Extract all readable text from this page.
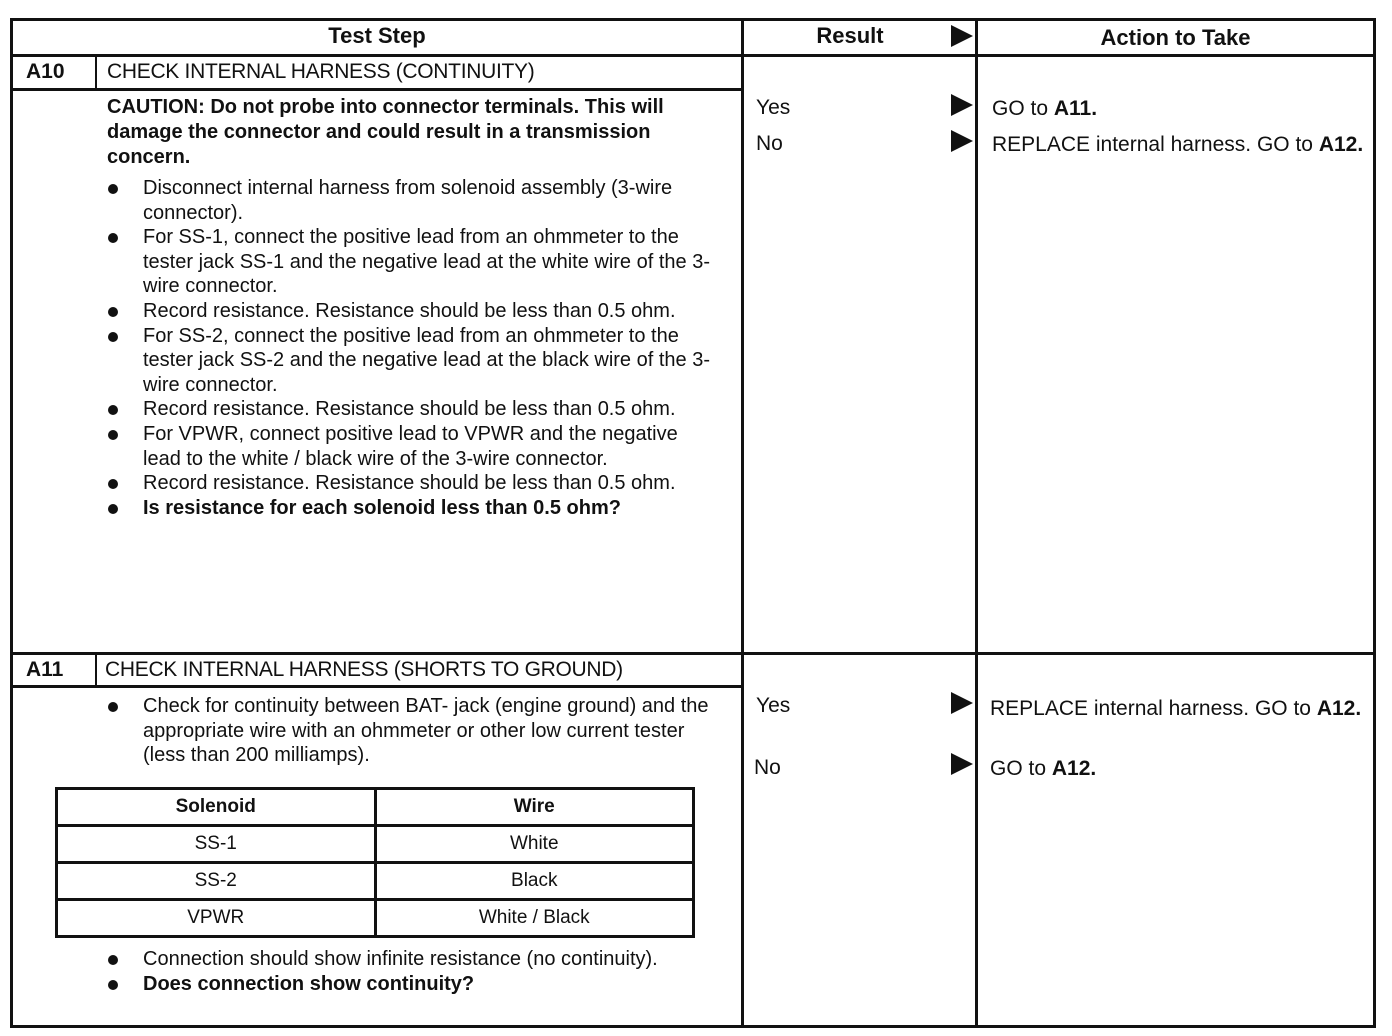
Test Step	Result	Action to Take
A10 CHECK INTERNAL HARNESS (CONTINUITY)
CAUTION: Do not probe into connector terminals. This will damage the connector and could result in a transmission concern.
Disconnect internal harness from solenoid assembly (3-wire connector).
For SS-1, connect the positive lead from an ohmmeter to the tester jack SS-1 and the negative lead at the white wire of the 3-wire connector.
Record resistance. Resistance should be less than 0.5 ohm.
For SS-2, connect the positive lead from an ohmmeter to the tester jack SS-2 and the negative lead at the black wire of the 3-wire connector.
Record resistance. Resistance should be less than 0.5 ohm.
For VPWR, connect positive lead to VPWR and the negative lead to the white / black wire of the 3-wire connector.
Record resistance. Resistance should be less than 0.5 ohm.
Is resistance for each solenoid less than 0.5 ohm?
Yes	GO to A11.
No	REPLACE internal harness. GO to A12.
A11 CHECK INTERNAL HARNESS (SHORTS TO GROUND)
Check for continuity between BAT- jack (engine ground) and the appropriate wire with an ohmmeter or other low current tester (less than 200 milliamps).
Solenoid	Wire
SS-1	White
SS-2	Black
VPWR	White / Black
Connection should show infinite resistance (no continuity).
Does connection show continuity?
Yes	REPLACE internal harness. GO to A12.
No	GO to A12.
